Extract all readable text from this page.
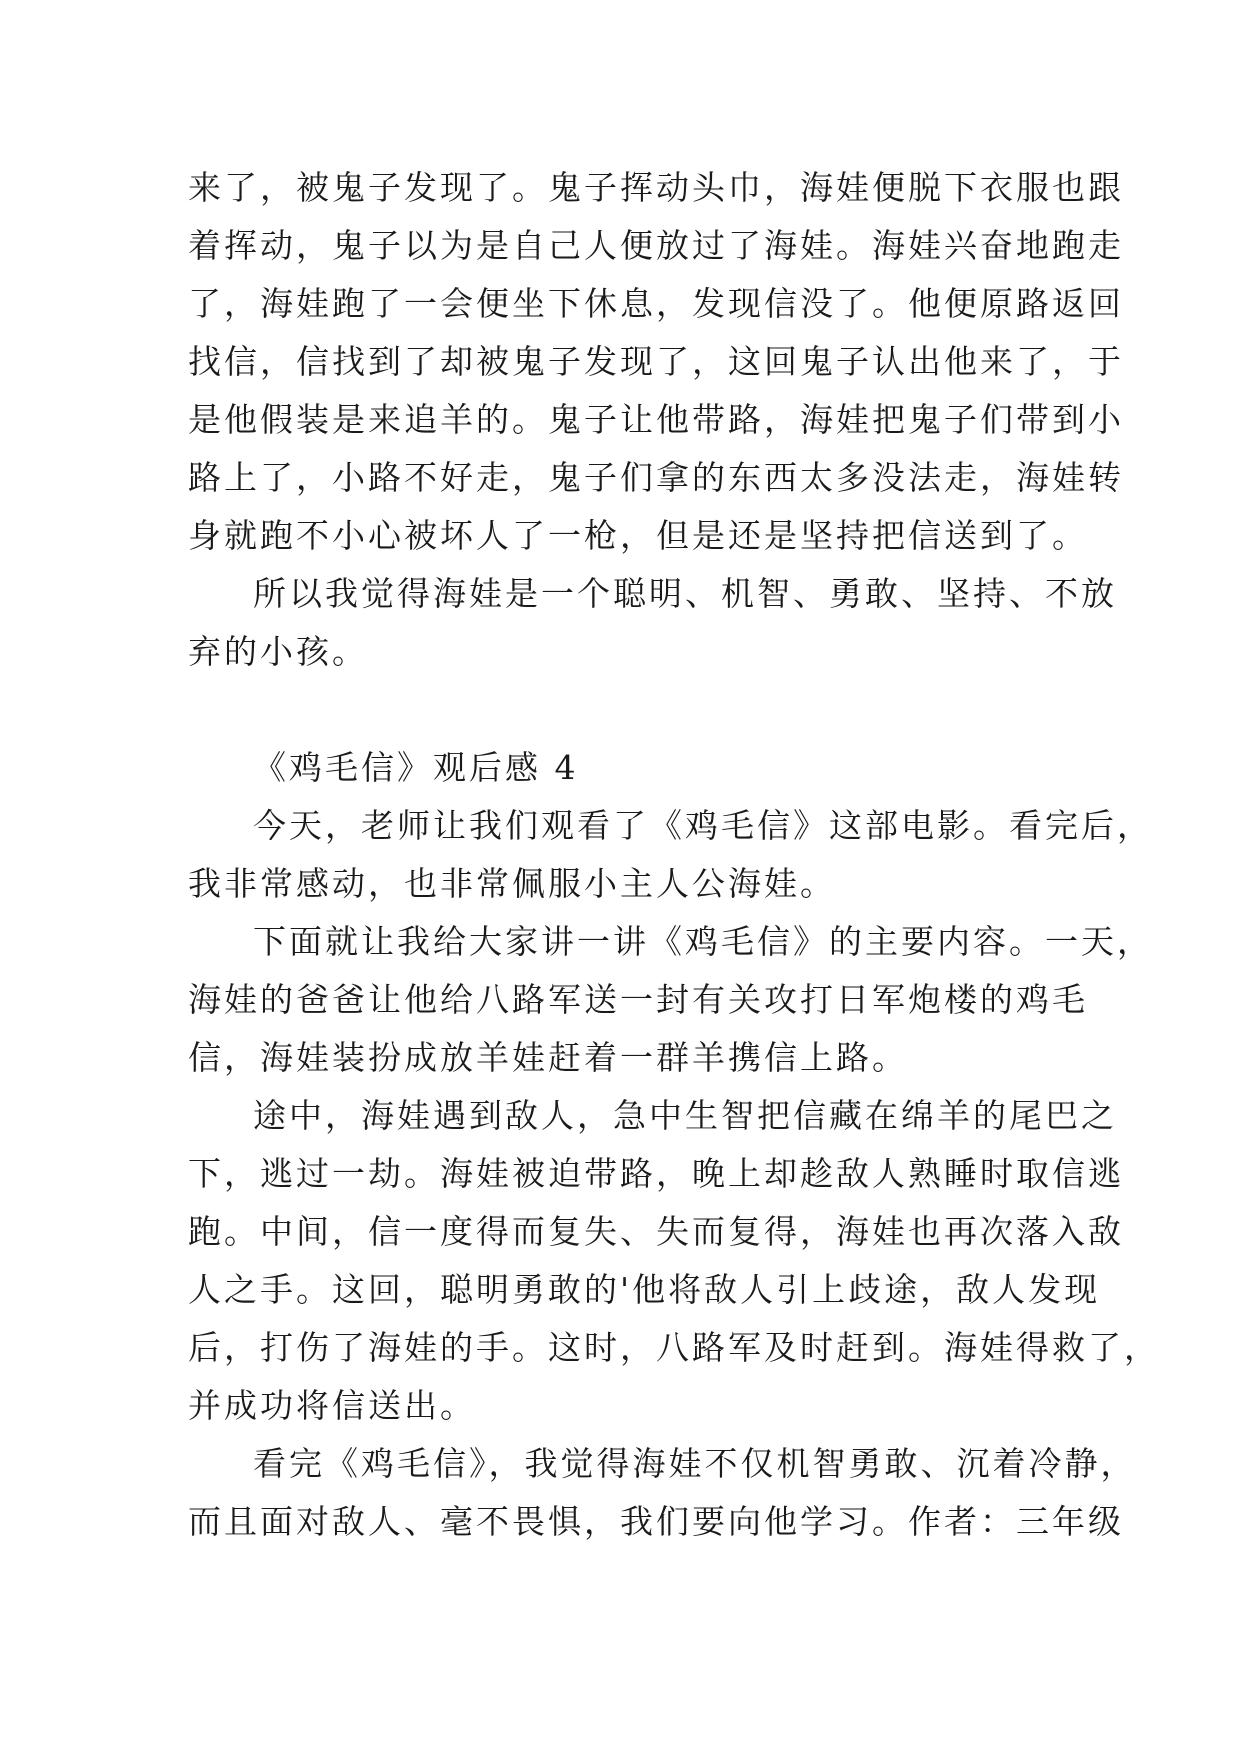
来了，被鬼子发现了。鬼子挥动头巾，海娃便脱下衣服也跟
着挥动，鬼子以为是自己人便放过了海娃。海娃兴奋地跑走
了，海娃跑了一会便坐下休息，发现信没了。他便原路返回
找信，信找到了却被鬼子发现了，这回鬼子认出他来了，于
是他假装是来追羊的。鬼子让他带路，海娃把鬼子们带到小
路上了，小路不好走，鬼子们拿的东西太多没法走，海娃转
身就跑不小心被坏人了一枪，但是还是坚持把信送到了。
所以我觉得海娃是一个聪明、机智、勇敢、坚持、不放
弃的小孩。
《鸡毛信》观后感 4
今天，老师让我们观看了《鸡毛信》这部电影。看完后，
我非常感动，也非常佩服小主人公海娃。
下面就让我给大家讲一讲《鸡毛信》的主要内容。一天，
海娃的爸爸让他给八路军送一封有关攻打日军炮楼的鸡毛
信，海娃装扮成放羊娃赶着一群羊携信上路。
途中，海娃遇到敌人，急中生智把信藏在绵羊的尾巴之
下，逃过一劫。海娃被迫带路，晚上却趁敌人熟睡时取信逃
跑。中间，信一度得而复失、失而复得，海娃也再次落入敌
人之手。这回，聪明勇敢的'他将敌人引上歧途，敌人发现
后，打伤了海娃的手。这时，八路军及时赶到。海娃得救了，
并成功将信送出。
看完《鸡毛信》，我觉得海娃不仅机智勇敢、沉着冷静，
而且面对敌人、毫不畏惧，我们要向他学习。作者：三年级
